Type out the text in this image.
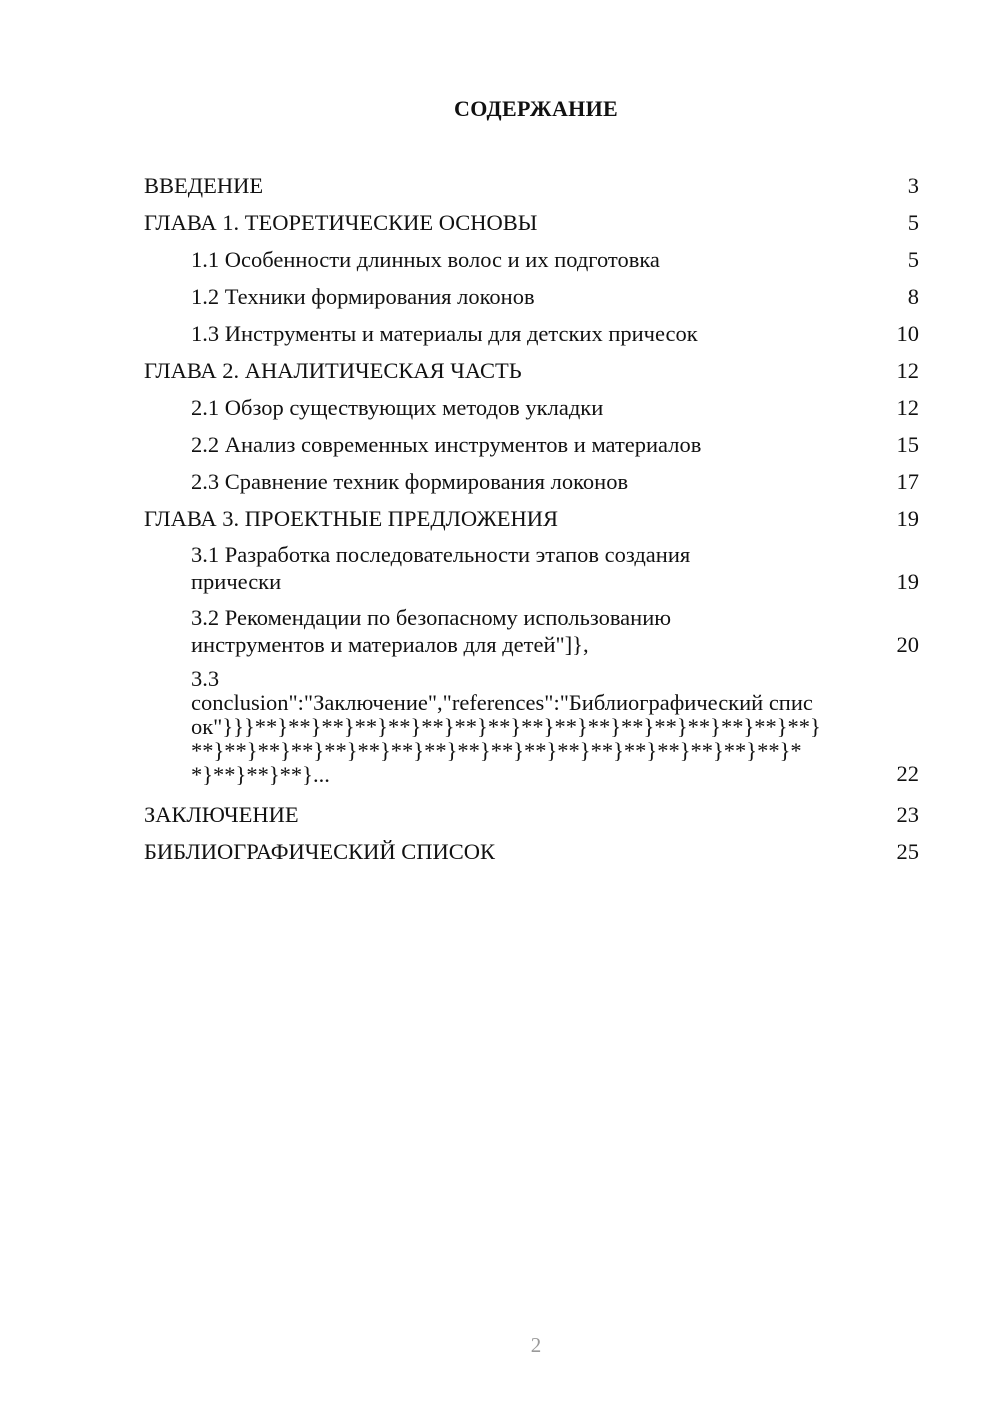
СОДЕРЖАНИЕ
ВВЕДЕНИЕ	3
ГЛАВА 1. ТЕОРЕТИЧЕСКИЕ ОСНОВЫ	5
1.1 Особенности длинных волос и их подготовка	5
1.2 Техники формирования локонов	8
1.3 Инструменты и материалы для детских причесок	10
ГЛАВА 2. АНАЛИТИЧЕСКАЯ ЧАСТЬ	12
2.1 Обзор существующих методов укладки	12
2.2 Анализ современных инструментов и материалов	15
2.3 Сравнение техник формирования локонов	17
ГЛАВА 3. ПРОЕКТНЫЕ ПРЕДЛОЖЕНИЯ	19
3.1 Разработка последовательности этапов создания прически	19
3.2 Рекомендации по безопасному использованию инструментов и материалов для детей"]},	20
3.3
conclusion":"Заключение","references":"Библиографический список"}}}**}**}**}**}**}**}**}**}**}**}**}**}**}**}**}**}**}**}**}**}**}**}**}**}**}**}**}**}**}**}**}**}**}**}**}**}**}**}**}...	22
ЗАКЛЮЧЕНИЕ	23
БИБЛИОГРАФИЧЕСКИЙ СПИСОК	25
2
